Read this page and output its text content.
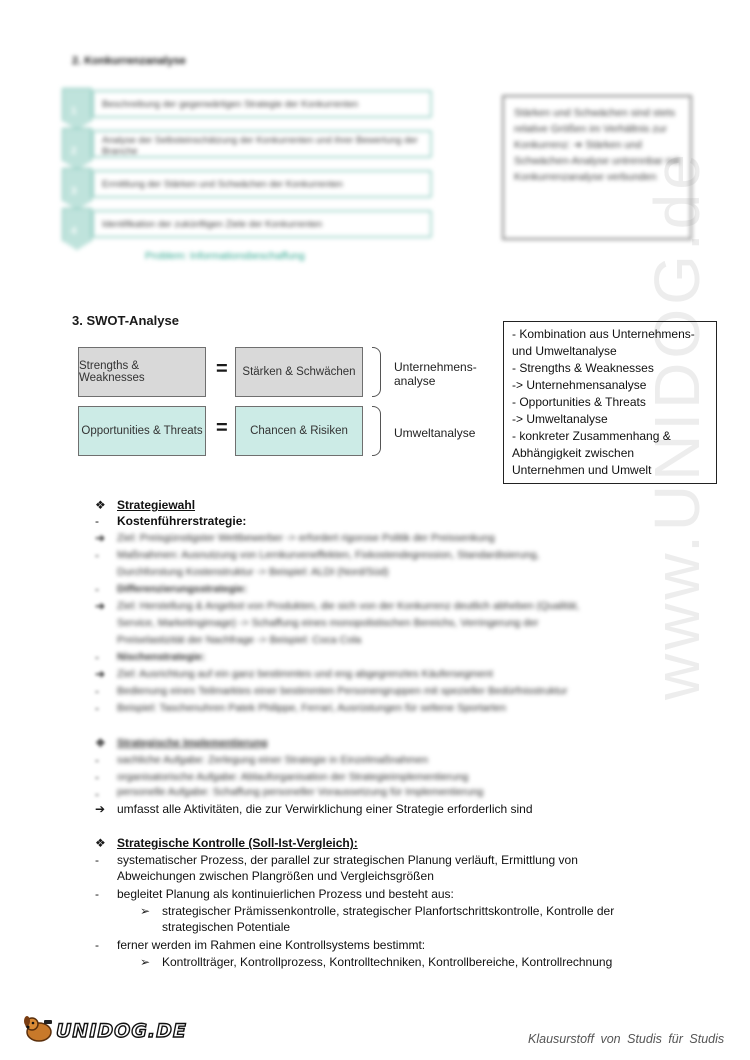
www.UNIDOG.de
2. Konkurrenzanalyse
1
Beschreibung der gegenwärtigen Strategie der Konkurrenten
2
Analyse der Selbsteinschätzung der Konkurrenten und ihrer Bewertung der Branche
3
Ermittlung der Stärken und Schwächen der Konkurrenten
4
Identifikation der zukünftigen Ziele der Konkurrenten
Problem: Informationsbeschaffung
Stärken und Schwächen sind stets relative Größen im Verhältnis zur Konkurrenz: ➔ Stärken und Schwächen-Analyse untrennbar mit Konkurrenzanalyse verbunden
3. SWOT-Analyse
Strengths & Weaknesses	=	Stärken & Schwächen	Unternehmens-
analyse
Opportunities & Threats =	Chancen & Risiken	Umweltanalyse
- Kombination aus Unternehmens- und Umweltanalyse
- Strengths & Weaknesses
-> Unternehmensanalyse
- Opportunities & Threats
-> Umweltanalyse
- konkreter Zusammenhang & Abhängigkeit zwischen Unternehmen und Umwelt
❖ Strategiewahl
- Kostenführerstrategie:
➔ Ziel: Preisgünstigster Wettbewerber -> erfordert rigorose Politik der Preissenkung
- Maßnahmen: Ausnutzung von Lernkurveneffekten, Fixkostendegression, Standardisierung,
Durchforstung Kostenstruktur -> Beispiel: ALDI (Nord/Süd)
- Differenzierungsstrategie:
➔ Ziel: Herstellung & Angebot von Produkten, die sich von der Konkurrenz deutlich abheben (Qualität,
Service, Marketingimage) -> Schaffung eines monopolistischen Bereichs, Verringerung der
Preiselastizität der Nachfrage -> Beispiel: Coca Cola
- Nischenstrategie:
➔ Ziel: Ausrichtung auf ein ganz bestimmtes und eng abgegrenztes Käufersegment
- Bedienung eines Teilmarktes einer bestimmten Personengruppen mit spezieller Bedürfnisstruktur
- Beispiel: Taschenuhren Patek Philippe, Ferrari, Ausrüstungen für seltene Sportarten
❖ Strategische Implementierung
- sachliche Aufgabe: Zerlegung einer Strategie in Einzelmaßnahmen
- organisatorische Aufgabe: Ablauforganisation der Strategieimplementierung
- personelle Aufgabe: Schaffung personeller Voraussetzung für Implementierung
➔ umfasst alle Aktivitäten, die zur Verwirklichung einer Strategie erforderlich sind
❖ Strategische Kontrolle (Soll-Ist-Vergleich):
- systematischer Prozess, der parallel zur strategischen Planung verläuft, Ermittlung von
Abweichungen zwischen Plangrößen und Vergleichsgrößen
- begleitet Planung als kontinuierlichen Prozess und besteht aus:
➢ strategischer Prämissenkontrolle, strategischer Planfortschrittskontrolle, Kontrolle der
strategischen Potentiale
- ferner werden im Rahmen eine Kontrollsystems bestimmt:
➢ Kontrollträger, Kontrollprozess, Kontrolltechniken, Kontrollbereiche, Kontrollrechnung
UNIDOG.DE	Klausurstoff von Studis für Studis
